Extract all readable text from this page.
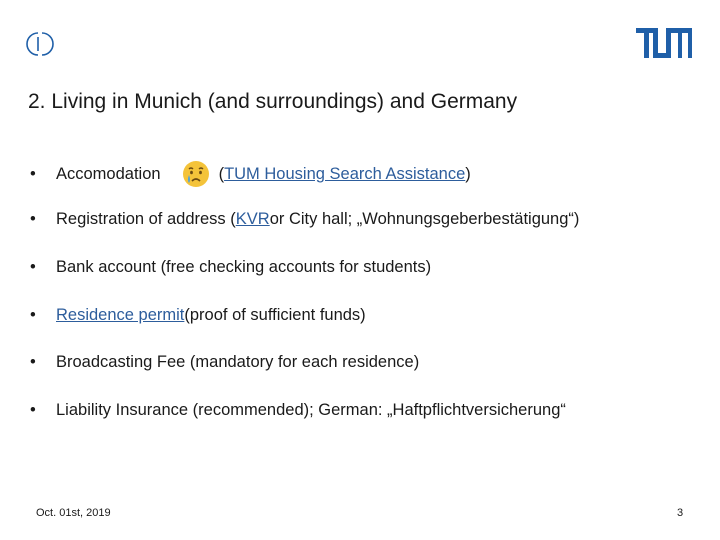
2. Living in Munich (and surroundings) and Germany
•	Accomodation	( TUM Housing Search Assistance )
•	Registration of address ( KVR or City hall; „Wohnungsgeberbestätigung“)
•	Bank account (free checking accounts for students)
•	Residence permit (proof of sufficient funds)
•	Broadcasting Fee (mandatory for each residence)
•	Liability Insurance (recommended); German: „Haftpflichtversicherung“
Oct. 01st, 2019	3
